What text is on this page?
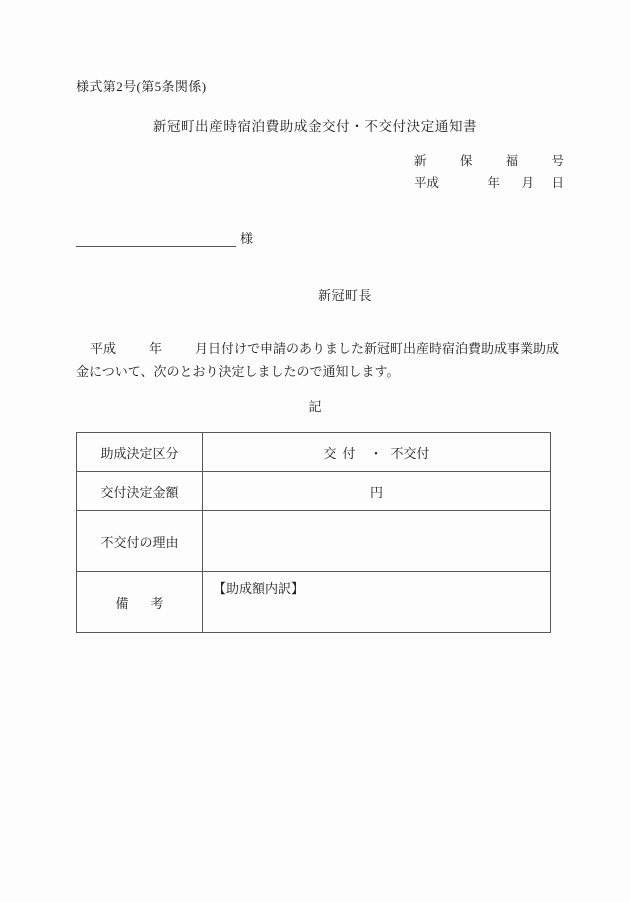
様式第2号(第5条関係)
新冠町出産時宿泊費助成金交付・不交付決定通知書
新	保	福	号
平成	年	月	日
様
新冠町長
平成	年	月日付けで申請のありました新冠町出産時宿泊費助成事業助成
金について、次のとおり決定しましたので通知します。
記
助成決定区分	交付 ・ 不交付
交付決定金額	円
不交付の理由	
備考	【助成額内訳】
